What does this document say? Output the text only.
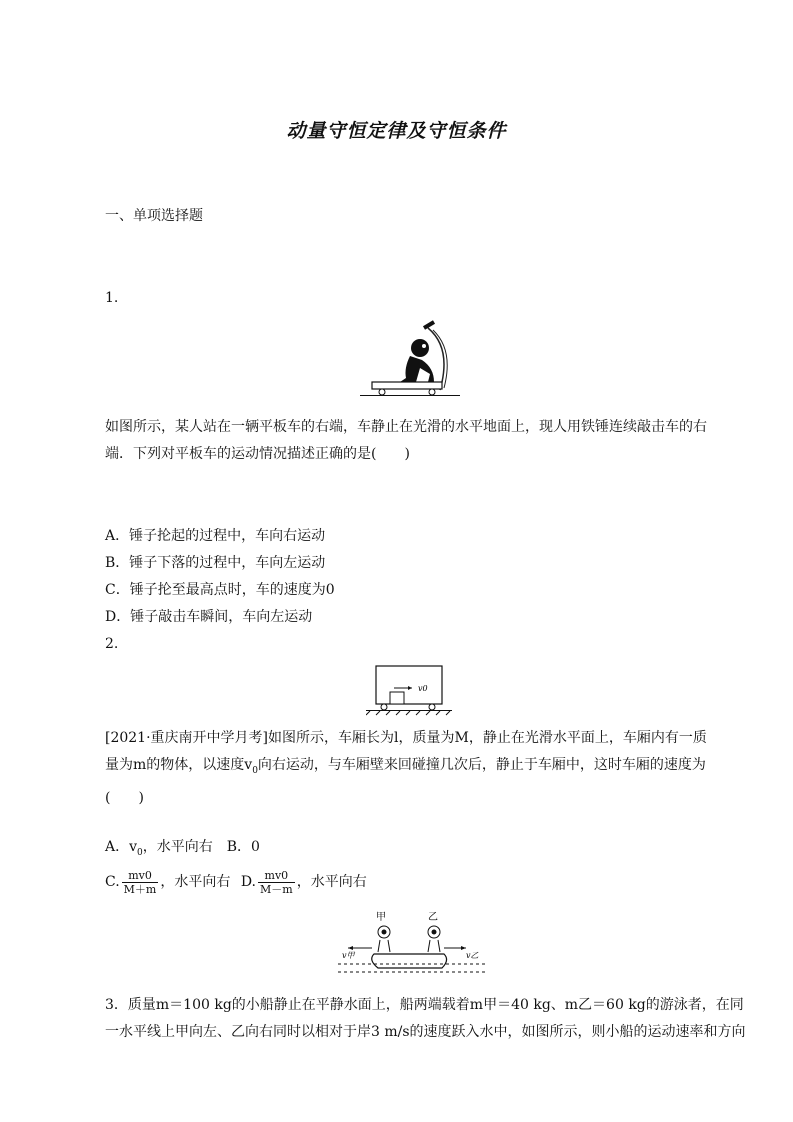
动量守恒定律及守恒条件
一、单项选择题
1.
如图所示，某人站在一辆平板车的右端，车静止在光滑的水平地面上，现人用铁锤连续敲击车的右端．下列对平板车的运动情况描述正确的是(　　)
A．锤子抡起的过程中，车向右运动
B．锤子下落的过程中，车向左运动
C．锤子抡至最高点时，车的速度为0
D．锤子敲击车瞬间，车向左运动
2.
v0
[2021·重庆南开中学月考]如图所示，车厢长为l，质量为M，静止在光滑水平面上，车厢内有一质量为m的物体，以速度$v_0$向右运动，与车厢壁来回碰撞几次后，静止于车厢中，这时车厢的速度为(　　)
A．$v_0$，水平向右　B．0
C. $\frac{mv0}{M+m}$ ，水平向右 D. $\frac{mv0}{M-m}$ ，水平向右
甲	乙
v甲	v乙
3．质量m＝100 kg的小船静止在平静水面上，船两端载着m甲＝40 kg、m乙＝60 kg的游泳者，在同
一水平线上甲向左、乙向右同时以相对于岸3 m/s的速度跃入水中，如图所示，则小船的运动速率和方向
